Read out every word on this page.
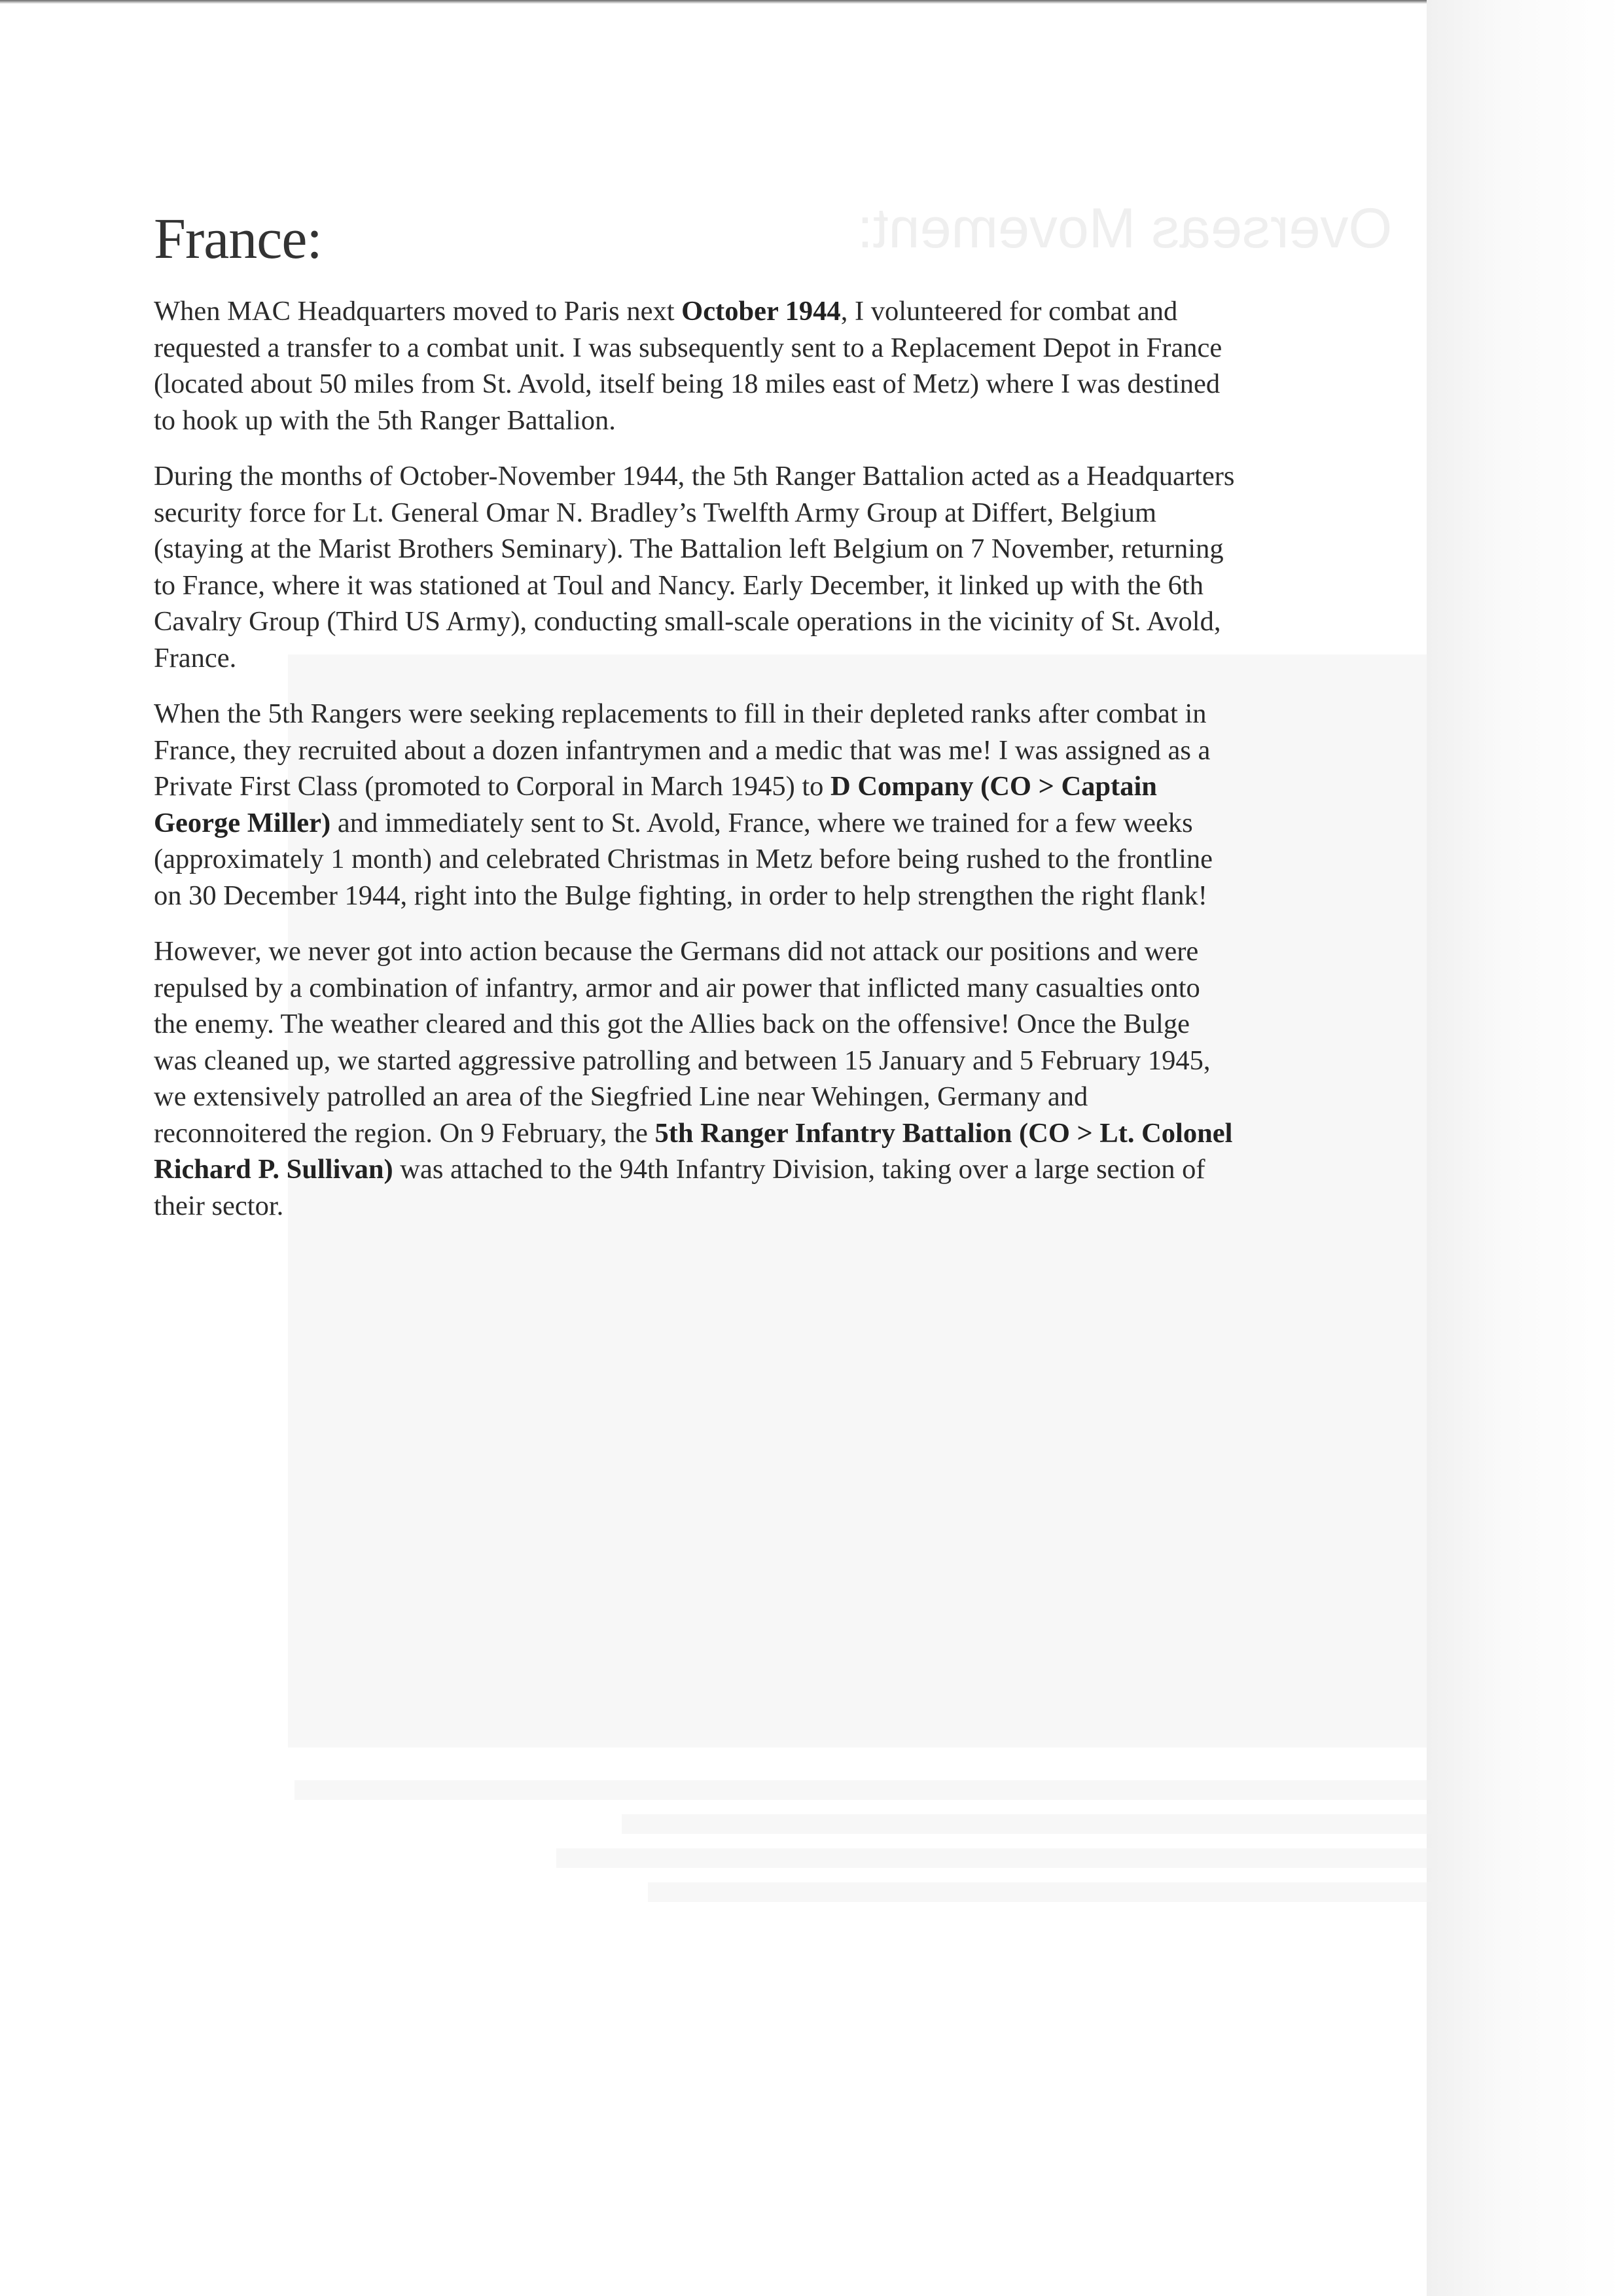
Overseas Movement:
France:

When MAC Headquarters moved to Paris next October 1944, I volunteered for combat and
requested a transfer to a combat unit. I was subsequently sent to a Replacement Depot in France
(located about 50 miles from St. Avold, itself being 18 miles east of Metz) where I was destined
to hook up with the 5th Ranger Battalion.

During the months of October-November 1944, the 5th Ranger Battalion acted as a Headquarters
security force for Lt. General Omar N. Bradley’s Twelfth Army Group at Differt, Belgium
(staying at the Marist Brothers Seminary). The Battalion left Belgium on 7 November, returning
to France, where it was stationed at Toul and Nancy. Early December, it linked up with the 6th
Cavalry Group (Third US Army), conducting small-scale operations in the vicinity of St. Avold,
France.

When the 5th Rangers were seeking replacements to fill in their depleted ranks after combat in
France, they recruited about a dozen infantrymen and a medic that was me! I was assigned as a
Private First Class (promoted to Corporal in March 1945) to D Company (CO > Captain
George Miller) and immediately sent to St. Avold, France, where we trained for a few weeks
(approximately 1 month) and celebrated Christmas in Metz before being rushed to the frontline
on 30 December 1944, right into the Bulge fighting, in order to help strengthen the right flank!

However, we never got into action because the Germans did not attack our positions and were
repulsed by a combination of infantry, armor and air power that inflicted many casualties onto
the enemy. The weather cleared and this got the Allies back on the offensive! Once the Bulge
was cleaned up, we started aggressive patrolling and between 15 January and 5 February 1945,
we extensively patrolled an area of the Siegfried Line near Wehingen, Germany and
reconnoitered the region. On 9 February, the 5th Ranger Infantry Battalion (CO > Lt. Colonel
Richard P. Sullivan) was attached to the 94th Infantry Division, taking over a large section of
their sector.
